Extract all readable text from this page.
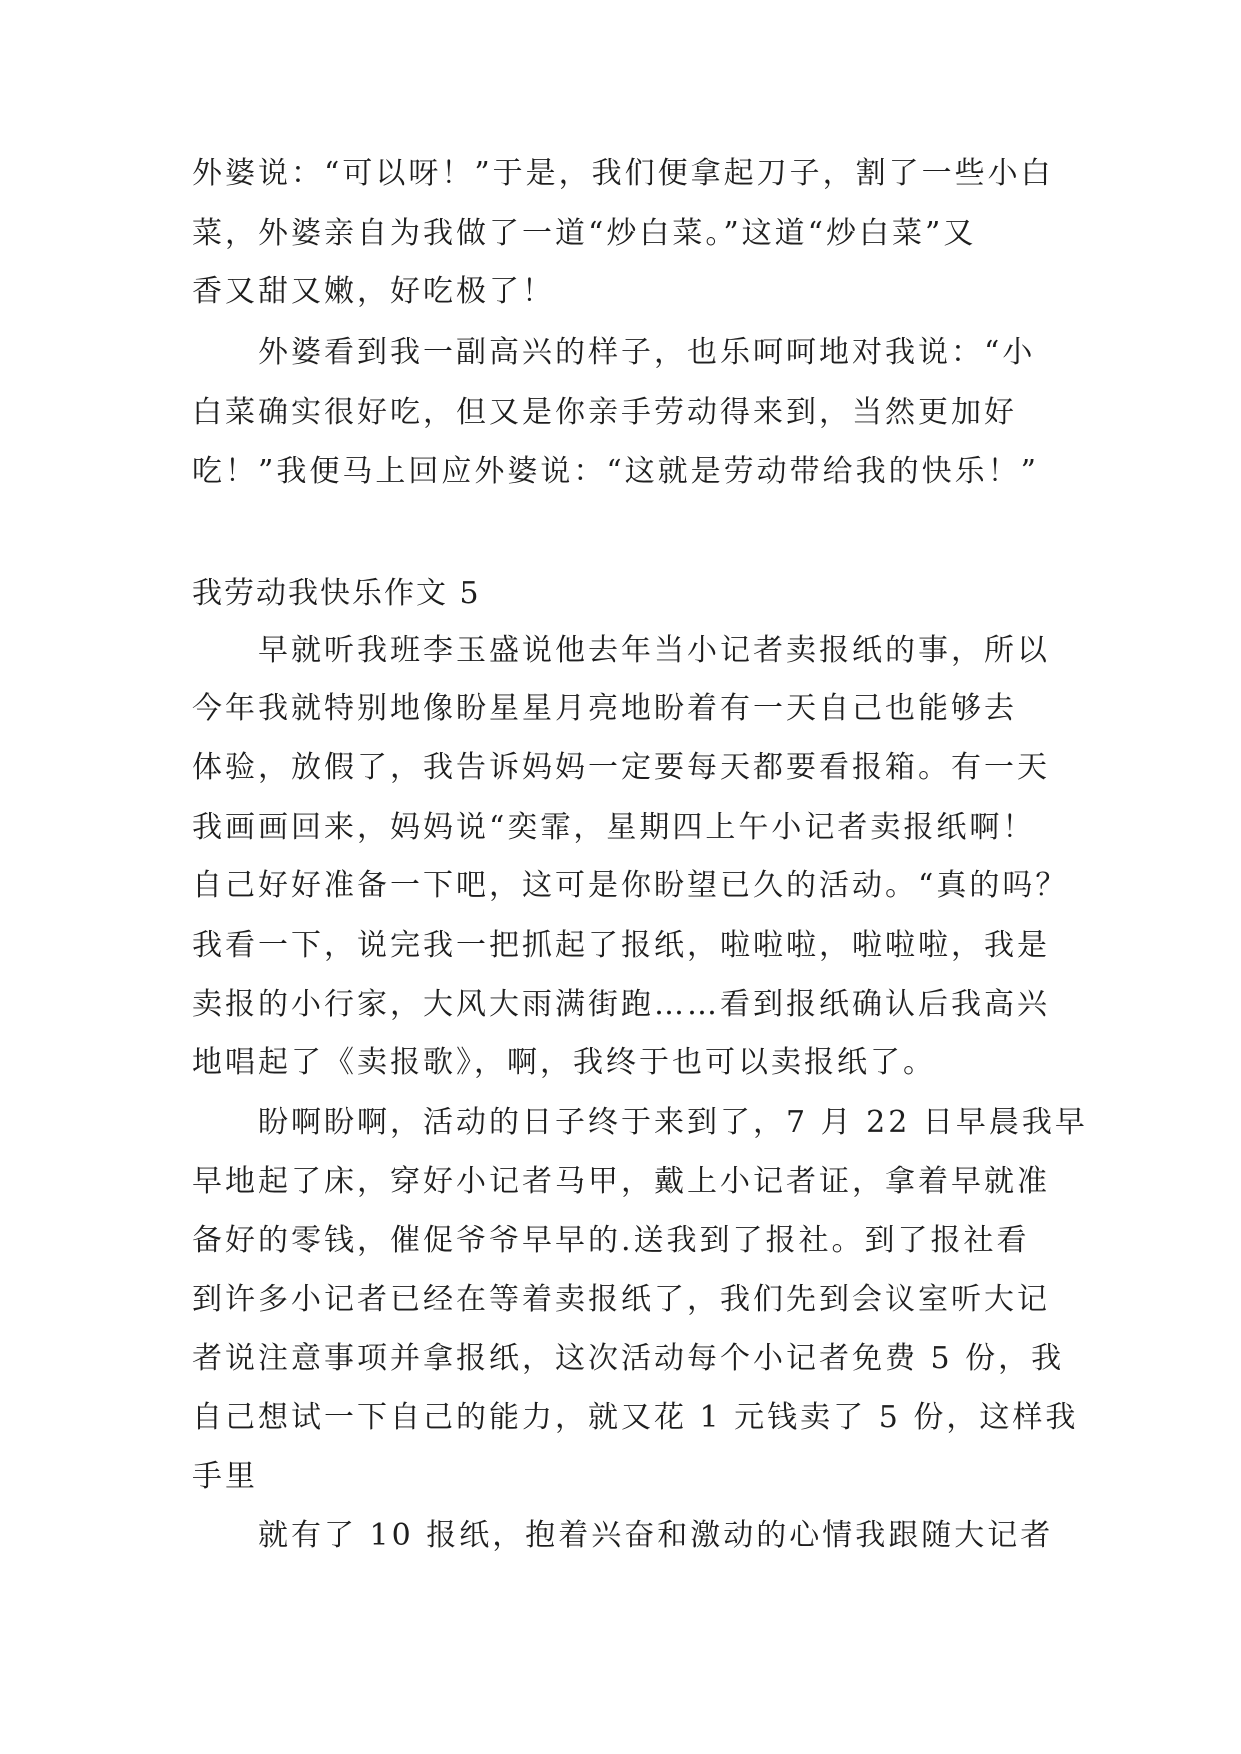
外婆说：“可以呀！”于是，我们便拿起刀子，割了一些小白
菜，外婆亲自为我做了一道“炒白菜。”这道“炒白菜”又
香又甜又嫩，好吃极了！
外婆看到我一副高兴的样子，也乐呵呵地对我说：“小
白菜确实很好吃，但又是你亲手劳动得来到，当然更加好
吃！”我便马上回应外婆说：“这就是劳动带给我的快乐！”
我劳动我快乐作文 5
早就听我班李玉盛说他去年当小记者卖报纸的事，所以
今年我就特别地像盼星星月亮地盼着有一天自己也能够去
体验，放假了，我告诉妈妈一定要每天都要看报箱。有一天
我画画回来，妈妈说“奕霏，星期四上午小记者卖报纸啊！
自己好好准备一下吧，这可是你盼望已久的活动。“真的吗？
我看一下，说完我一把抓起了报纸，啦啦啦，啦啦啦，我是
卖报的小行家，大风大雨满街跑……看到报纸确认后我高兴
地唱起了《卖报歌》，啊，我终于也可以卖报纸了。
盼啊盼啊，活动的日子终于来到了，7 月 22 日早晨我早
早地起了床，穿好小记者马甲，戴上小记者证，拿着早就准
备好的零钱，催促爷爷早早的.送我到了报社。到了报社看
到许多小记者已经在等着卖报纸了，我们先到会议室听大记
者说注意事项并拿报纸，这次活动每个小记者免费 5 份，我
自己想试一下自己的能力，就又花 1 元钱卖了 5 份，这样我
手里
就有了 10 报纸，抱着兴奋和激动的心情我跟随大记者
